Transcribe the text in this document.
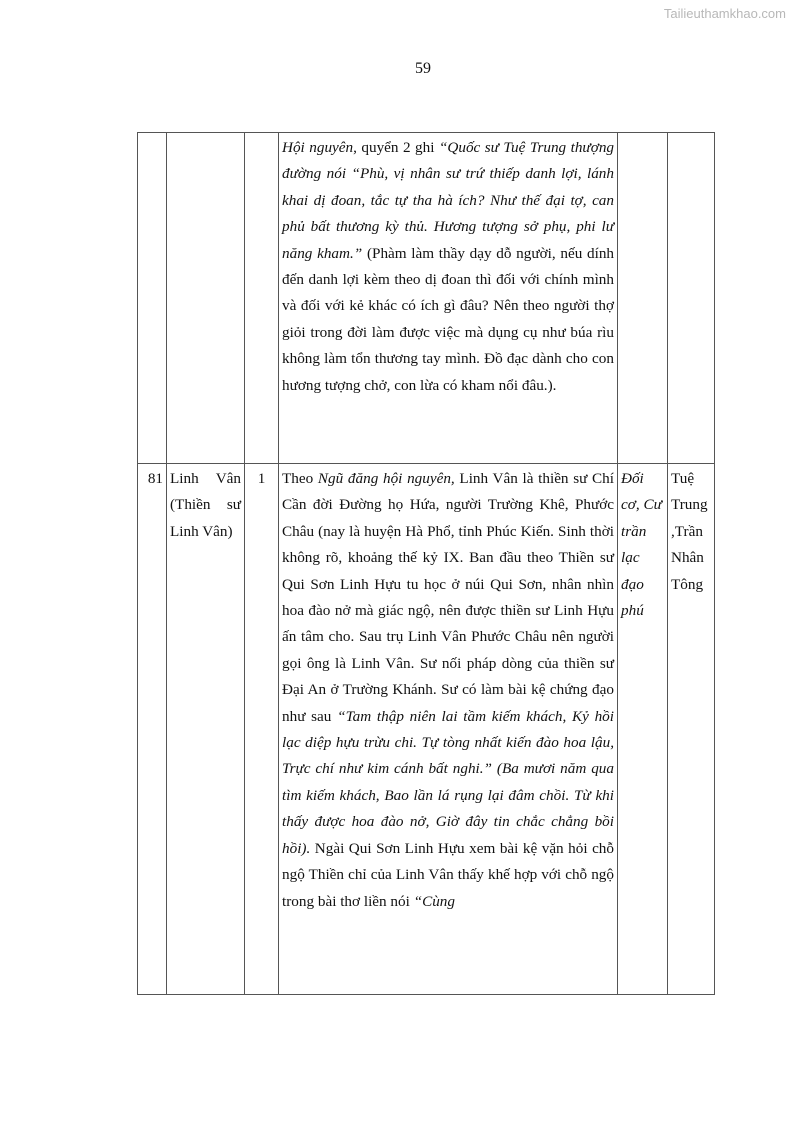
Tailieuthamkhao.com
59
			Hội nguyên, quyển 2 ghi “Quốc sư Tuệ Trung thượng đường nói “Phù, vị nhân sư trứ thiếp danh lợi, lánh khai dị đoan, tắc tự tha hà ích? Như thế đại tợ, can phủ bất thương kỳ thủ. Hương tượng sở phụ, phi lư năng kham.” (Phàm làm thầy dạy dỗ người, nếu dính đến danh lợi kèm theo dị đoan thì đối với chính mình và đối với kẻ khác có ích gì đâu? Nên theo người thợ giỏi trong đời làm được việc mà dụng cụ như búa rìu không làm tổn thương tay mình. Đồ đạc dành cho con hương tượng chở, con lừa có kham nổi đâu.).		
81	Linh Vân (Thiền sư Linh Vân)	1	Theo Ngũ đăng hội nguyên, Linh Vân là thiền sư Chí Cần đời Đường họ Hứa, người Trường Khê, Phước Châu (nay là huyện Hà Phổ, tỉnh Phúc Kiến. Sinh thời không rõ, khoảng thế kỷ IX. Ban đầu theo Thiền sư Qui Sơn Linh Hựu tu học ở núi Qui Sơn, nhân nhìn hoa đào nở mà giác ngộ, nên được thiền sư Linh Hựu ấn tâm cho. Sau trụ Linh Vân Phước Châu nên người gọi ông là Linh Vân. Sư nối pháp dòng của thiền sư Đại An ở Trường Khánh. Sư có làm bài kệ chứng đạo như sau “Tam thập niên lai tầm kiếm khách, Kỷ hồi lạc diệp hựu trừu chi. Tự tòng nhất kiến đào hoa lậu, Trực chí như kim cánh bất nghi.” (Ba mươi năm qua tìm kiếm khách, Bao lần lá rụng lại đâm chồi. Từ khi thấy được hoa đào nở, Giờ đây tin chắc chẳng bồi hồi). Ngài Qui Sơn Linh Hựu xem bài kệ vặn hỏi chỗ ngộ Thiền chỉ của Linh Vân thấy khế hợp với chỗ ngộ trong bài thơ liền nói “Cùng	Đối cơ, Cư trần lạc đạo phú	Tuệ Trung ,Trần Nhân Tông
